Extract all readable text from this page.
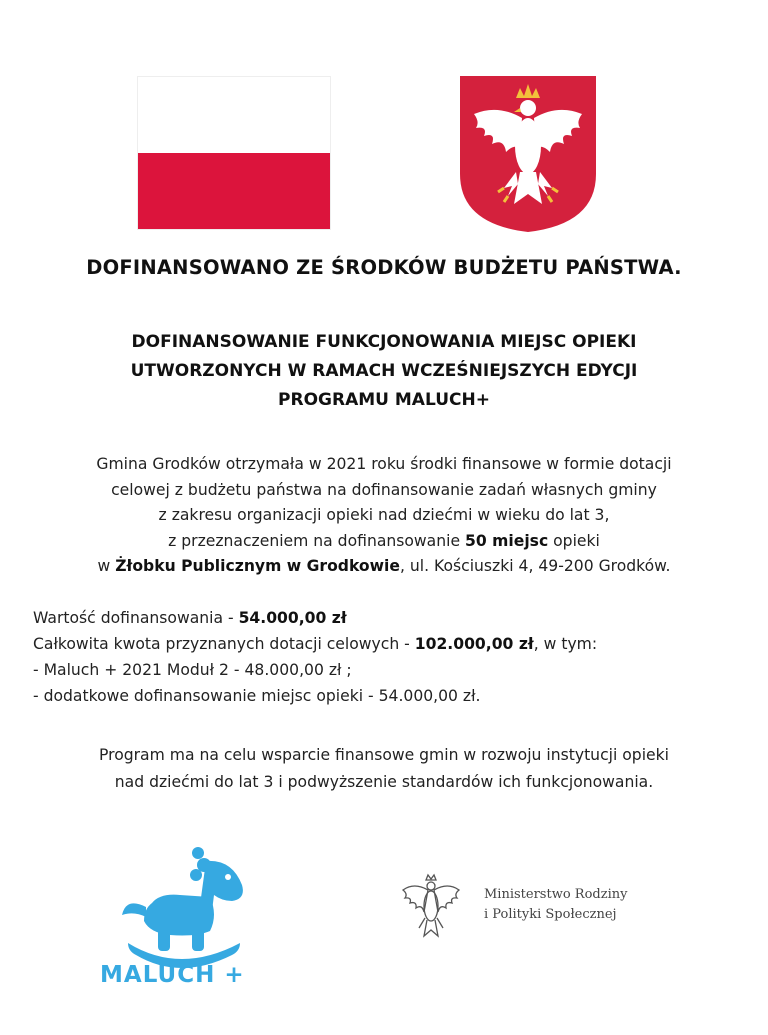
DOFINANSOWANO ZE ŚRODKÓW BUDŻETU PAŃSTWA.
DOFINANSOWANIE FUNKCJONOWANIA MIEJSC OPIEKI
UTWORZONYCH W RAMACH WCZEŚNIEJSZYCH EDYCJI
PROGRAMU MALUCH+
Gmina Grodków otrzymała w 2021 roku środki finansowe w formie dotacji
celowej z budżetu państwa na dofinansowanie zadań własnych gminy
z zakresu organizacji opieki nad dziećmi w wieku do lat 3,
z przeznaczeniem na dofinansowanie 50 miejsc opieki
w Żłobku Publicznym w Grodkowie, ul. Kościuszki 4, 49-200 Grodków.
Wartość dofinansowania - 54.000,00 zł
Całkowita kwota przyznanych dotacji celowych - 102.000,00 zł, w tym:
- Maluch + 2021 Moduł 2 - 48.000,00 zł ;
- dodatkowe dofinansowanie miejsc opieki - 54.000,00 zł.
Program ma na celu wsparcie finansowe gmin w rozwoju instytucji opieki
nad dziećmi do lat 3 i podwyższenie standardów ich funkcjonowania.
MALUCH +
Ministerstwo Rodziny
i Polityki Społecznej
